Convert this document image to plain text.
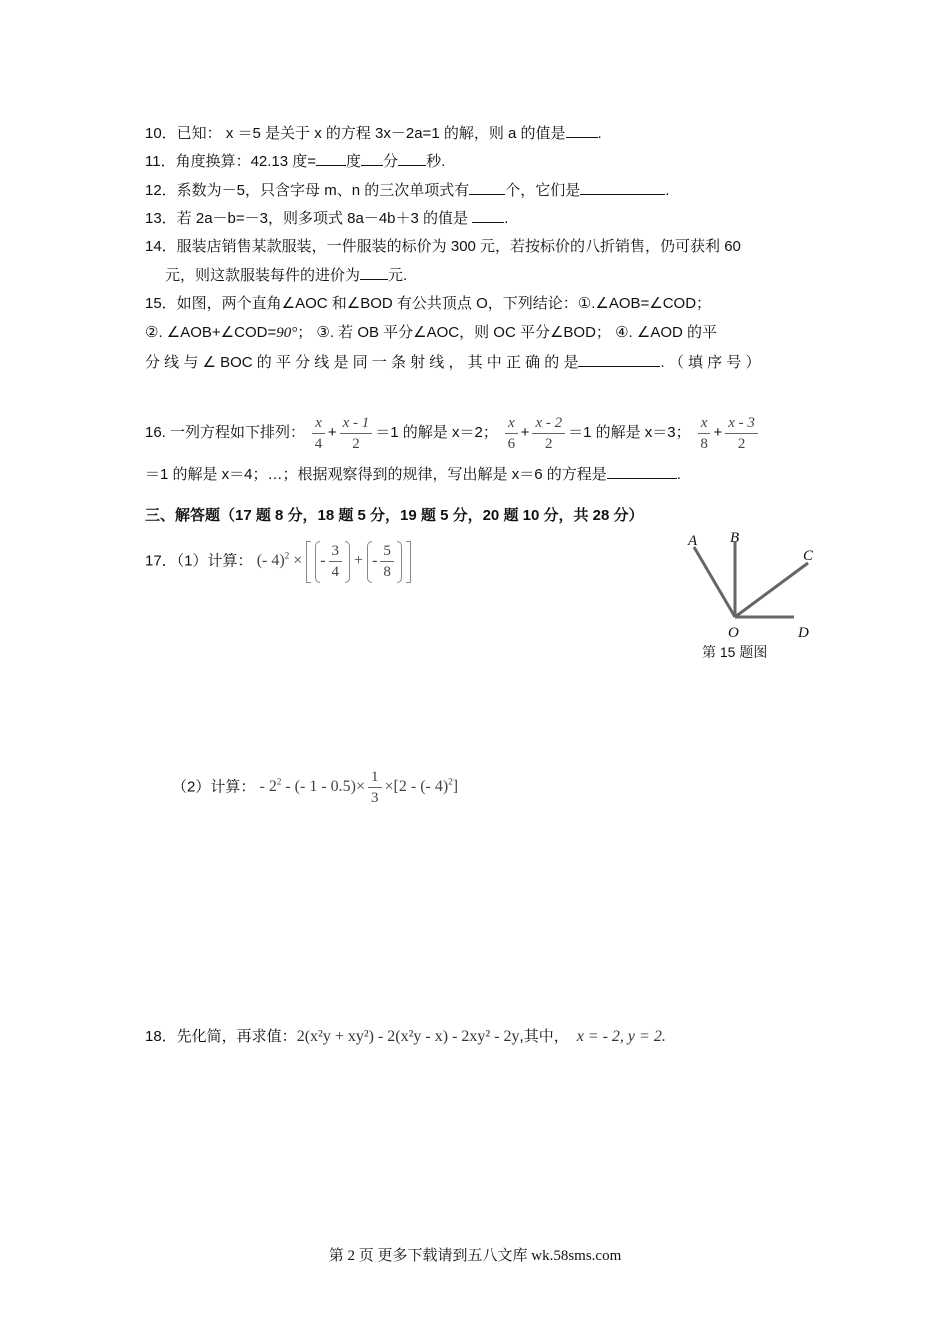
10．已知： x ＝5 是关于 x 的方程 3x－2a=1 的解，则 a 的值是 .
11．角度换算：42.13 度= 度 分 秒.
12．系数为－5，只含字母 m、n 的三次单项式有 个，它们是	.
13．若 2a－b=－3，则多项式 8a－4b＋3 的值是 .
14．服装店销售某款服装，一件服装的标价为 300 元，若按标价的八折销售，仍可获利 60
元，则这款服装每件的进价为 元.
15．如图，两个直角∠AOC 和∠BOD 有公共顶点 O，下列结论：①.∠AOB=∠COD；
②. ∠AOB+∠COD=90°； ③. 若 OB 平分∠AOC，则 OC 平分∠BOD； ④. ∠AOD 的平
分 线 与 ∠ BOC 的 平 分 线 是 同 一 条 射 线 ， 其 中 正 确 的 是	. （ 填 序 号 ）
16. 一列方程如下排列： $\frac{x}{4} + \frac{x - 1}{2} =1$ 的解是 x＝2； $\frac{x}{6} + \frac{x - 2}{2} =1$ 的解是 x＝3； $\frac{x}{8} + \frac{x - 3}{2}$
＝1 的解是 x＝4；…；根据观察得到的规律，写出解是 x＝6 的方程是	.
三、解答题（17 题 8 分，18 题 5 分，19 题 5 分，20 题 10 分，共 28 分）
17．（1）计算： (- 4)$^2$ × - $\frac{3}{4}$ + - $\frac{5}{8}$

A B
C
O	D
第 15 题图
（2）计算： - $2^2$ - (- $1 - 0.5)\times \frac{1}{3} \times[2$ - (- 4)$^2$]
18．先化简，再求值：2(x²y + xy²) - 2(x²y - x) - 2xy² - 2y,其中， x = - 2, y = 2.
第 2 页 更多下载请到五八文库 wk.58sms.com
